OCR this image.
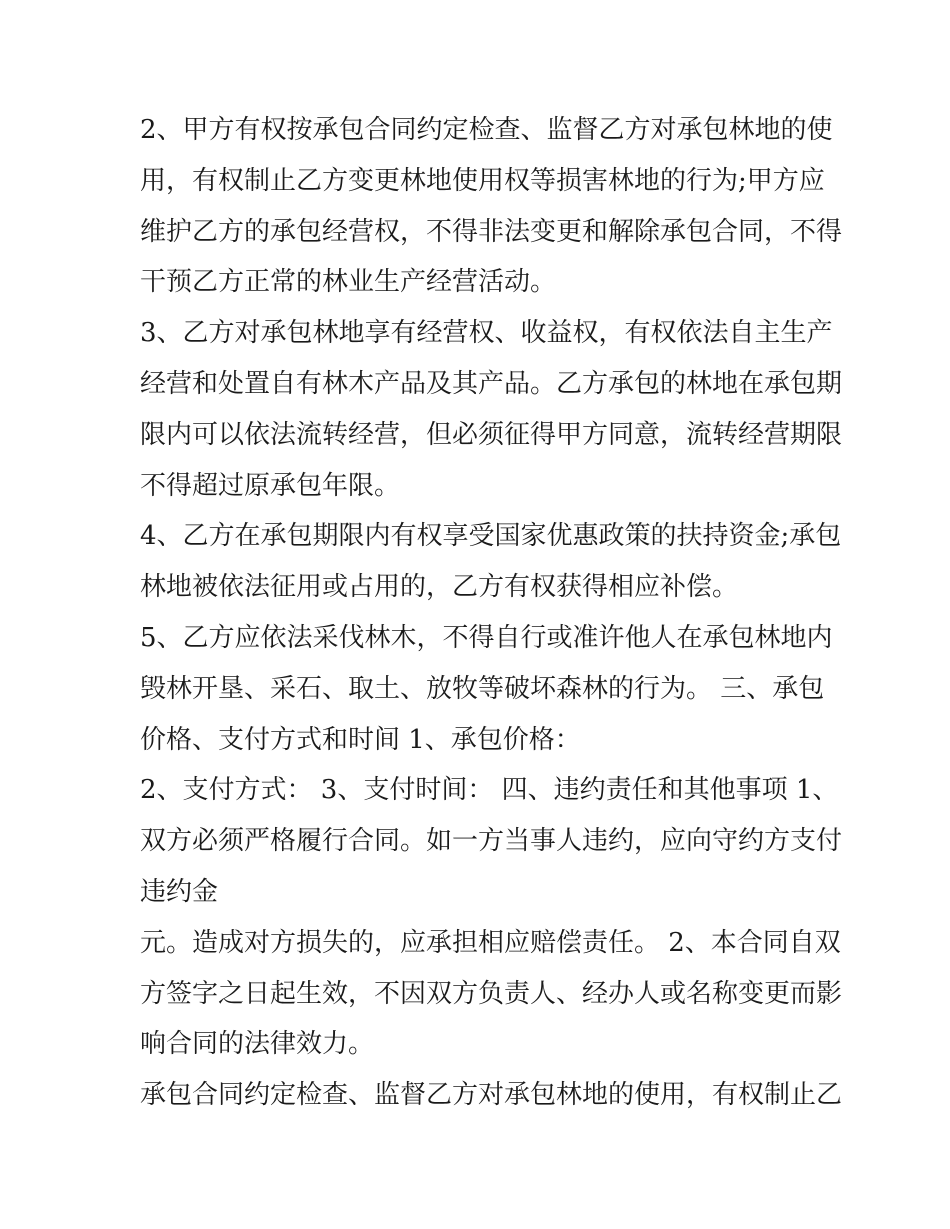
2、甲方有权按承包合同约定检查、监督乙方对承包林地的使
用，有权制止乙方变更林地使用权等损害林地的行为;甲方应
维护乙方的承包经营权，不得非法变更和解除承包合同，不得
干预乙方正常的林业生产经营活动。
3、乙方对承包林地享有经营权、收益权，有权依法自主生产
经营和处置自有林木产品及其产品。乙方承包的林地在承包期
限内可以依法流转经营，但必须征得甲方同意，流转经营期限
不得超过原承包年限。
4、乙方在承包期限内有权享受国家优惠政策的扶持资金;承包
林地被依法征用或占用的，乙方有权获得相应补偿。
5、乙方应依法采伐林木，不得自行或准许他人在承包林地内
毁林开垦、采石、取土、放牧等破坏森林的行为。 三、承包
价格、支付方式和时间 1、承包价格：
2、支付方式： 3、支付时间： 四、违约责任和其他事项 1、
双方必须严格履行合同。如一方当事人违约，应向守约方支付
违约金
元。造成对方损失的，应承担相应赔偿责任。 2、本合同自双
方签字之日起生效，不因双方负责人、经办人或名称变更而影
响合同的法律效力。
承包合同约定检查、监督乙方对承包林地的使用，有权制止乙
